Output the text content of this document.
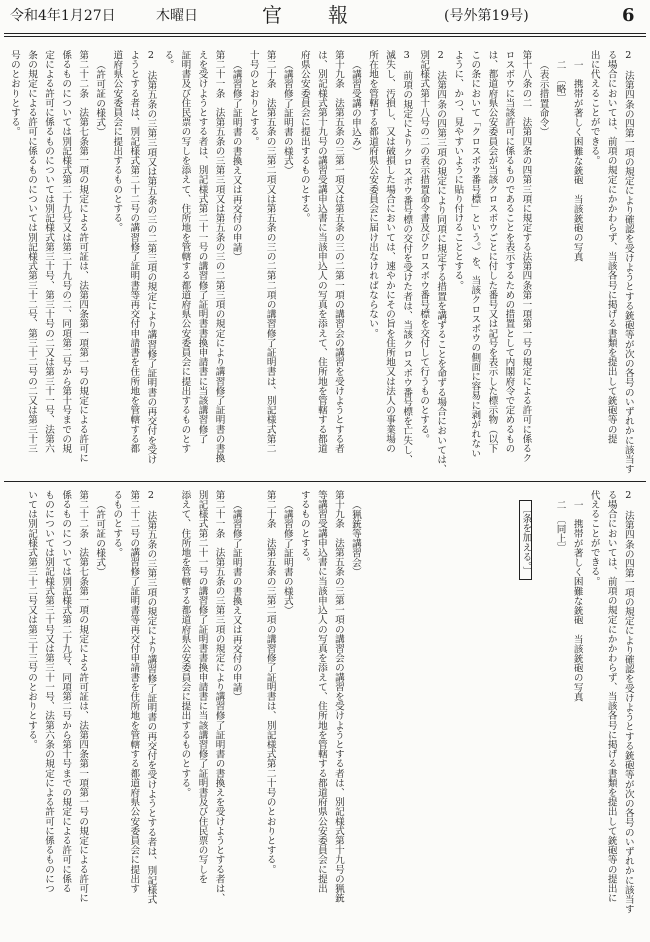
令和4年1月27日	木曜日	官 報	(号外第19号)	6
2　法第四条の四第一項の規定により確認を受けようとする銃砲等が次の各号のいずれかに該当す
る場合においては、前項の規定にかかわらず、当該各号に掲げる書類を提出して銃砲等の提
出に代えることができる。
一　携帯が著しく困難な銃砲　当該銃砲の写真
二　〔略〕
（表示措置命令）
第十八条の二　法第四条の四第三項に規定する法第四条第一項第一号の規定による許可に係るク
ロスボウに当該許可に係るものであることを表示するための措置として内閣府令で定めるもの
は、都道府県公安委員会が当該クロスボウごとに付した番号又は記号を表示した標示物（以下
この条において「クロスボウ番号標」という。）を、当該クロスボウの側面に容易に剥がれない
ように、かつ、見やすいように貼り付けることとする。
2　法第四条の四第三項の規定により同項に規定する措置を講ずることを命ずる場合においては、
別記様式第十八号の二の表示措置命令書及びクロスボウ番号標を交付して行うものとする。
3　前項の規定によりクロスボウ番号標の交付を受けた者は、当該クロスボウ番号標を亡失し、
滅失し、汚損し、又は破損した場合においては、速やかにその旨を住所地又は法人の事業場の
所在地を管轄する都道府県公安委員会に届け出なければならない。
（講習受講の申込み）
第十九条　法第五条の三第一項又は第五条の三の二第一項の講習会の講習を受けようとする者
は、別記様式第十九号の講習受講申込書に当該申込人の写真を添えて、住所地を管轄する都道
府県公安委員会に提出するものとする。
（講習修了証明書の様式）
第二十条　法第五条の三第二項又は第五条の三の二第二項の講習修了証明書は、別記様式第二
十号のとおりとする。
（講習修了証明書の書換え又は再交付の申請）
第二十一条　法第五条の三第三項又は第五条の三の二第三項の規定により講習修了証明書の書換
えを受けようとする者は、別記様式第二十一号の講習修了証明書書換申請書に当該講習修了
証明書及び住民票の写しを添えて、住所地を管轄する都道府県公安委員会に提出するものとす
る。
2　法第五条の三第三項又は第五条の三の二第三項の規定により講習修了証明書の再交付を受け
ようとする者は、別記様式第二十二号の講習修了証明書等再交付申請書を住所地を管轄する都
道府県公安委員会に提出するものとする。
（許可証の様式）
第二十二条　法第七条第一項の規定による許可証は、法第四条第一項第一号の規定による許可に
係るものについては別記様式第二十九号又は第二十九号の二、同項第二号から第十号までの規
定による許可に係るものについては別記様式第三十号、第三十号の二又は第三十一号、法第六
条の規定による許可に係るものについては別記様式第三十二号、第三十二号の二又は第三十三
号のとおりとする。
2　法第四条の四第一項の規定により確認を受けようとする銃砲等が次の各号のいずれかに該当す
る場合においては、前項の規定にかかわらず、当該各号に掲げる書類を提出して銃砲等の提出に
代えることができる。
一　携帯が著しく困難な銃砲　当該銃砲の写真
二　〔同上〕
〔条を加える。〕
（猟銃等講習会）
第十九条　法第五条の三第一項の講習会の講習を受けようとする者は、別記様式第十九号の猟銃
等講習受講申込書に当該申込人の写真を添えて、住所地を管轄する都道府県公安委員会に提出
するものとする。
（講習修了証明書の様式）
第二十条　法第五条の三第二項の講習修了証明書は、別記様式第二十号のとおりとする。
（講習修了証明書の書換え又は再交付の申請）
第二十一条　法第五条の三第三項の規定により講習修了証明書の書換えを受けようとする者は、
別記様式第二十一号の講習修了証明書書換申請書に当該講習修了証明書及び住民票の写しを
添えて、住所地を管轄する都道府県公安委員会に提出するものとする。
2　法第五条の三第三項の規定により講習修了証明書の再交付を受けようとする者は、別記様式
第二十二号の講習修了証明書等再交付申請書を住所地を管轄する都道府県公安委員会に提出す
るものとする。
（許可証の様式）
第二十二条　法第七条第一項の規定による許可証は、法第四条第一項第一号の規定による許可に
係るものについては別記様式第二十九号、同項第二号から第十号までの規定による許可に係る
ものについては別記様式第三十号又は第三十一号、法第六条の規定による許可に係るものにつ
いては別記様式第三十二号又は第三十三号のとおりとする。
